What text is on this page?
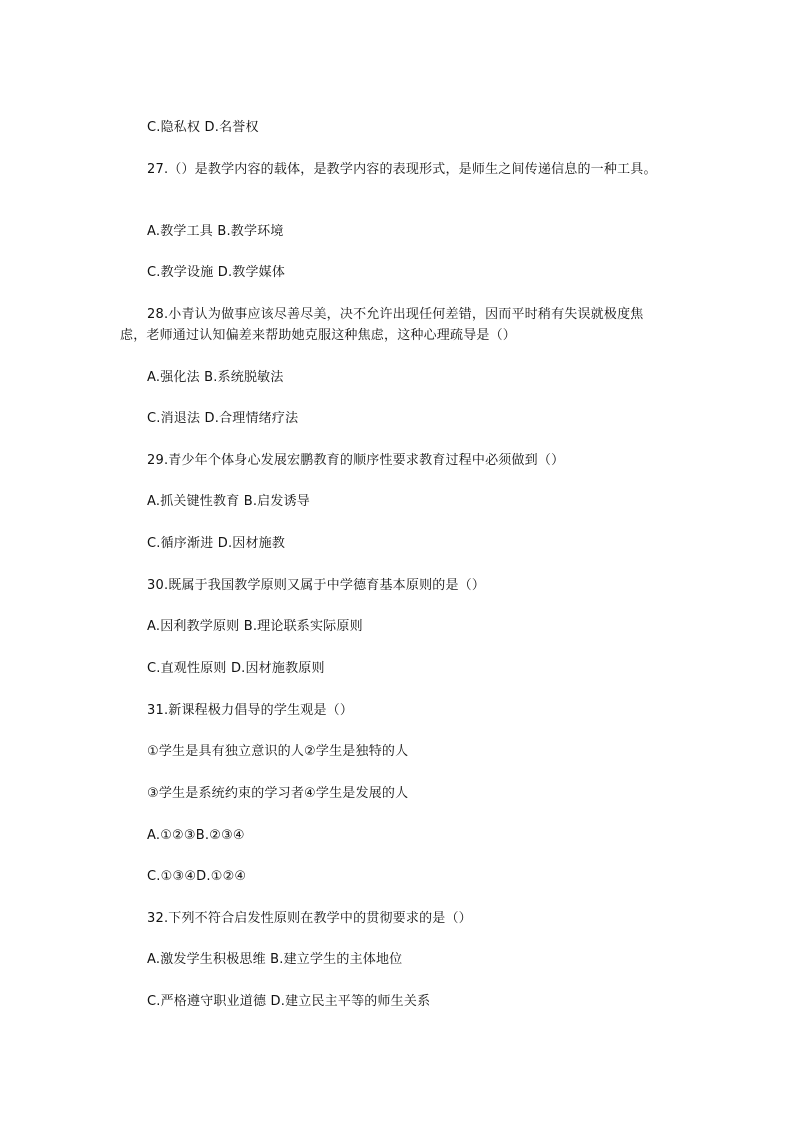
C.隐私权 D.名誉权
27.（）是教学内容的载体，是教学内容的表现形式，是师生之间传递信息的一种工具。
A.教学工具 B.教学环境
C.教学设施 D.教学媒体
28.小青认为做事应该尽善尽美，决不允许出现任何差错，因而平时稍有失误就极度焦
虑，老师通过认知偏差来帮助她克服这种焦虑，这种心理疏导是（）
A.强化法 B.系统脱敏法
C.消退法 D.合理情绪疗法
29.青少年个体身心发展宏鹏教育的顺序性要求教育过程中必须做到（）
A.抓关键性教育 B.启发诱导
C.循序渐进 D.因材施教
30.既属于我国教学原则又属于中学德育基本原则的是（）
A.因利教学原则 B.理论联系实际原则
C.直观性原则 D.因材施教原则
31.新课程极力倡导的学生观是（）
①学生是具有独立意识的人②学生是独特的人
③学生是系统约束的学习者④学生是发展的人
A.①②③B.②③④
C.①③④D.①②④
32.下列不符合启发性原则在教学中的贯彻要求的是（）
A.激发学生积极思维 B.建立学生的主体地位
C.严格遵守职业道德 D.建立民主平等的师生关系
